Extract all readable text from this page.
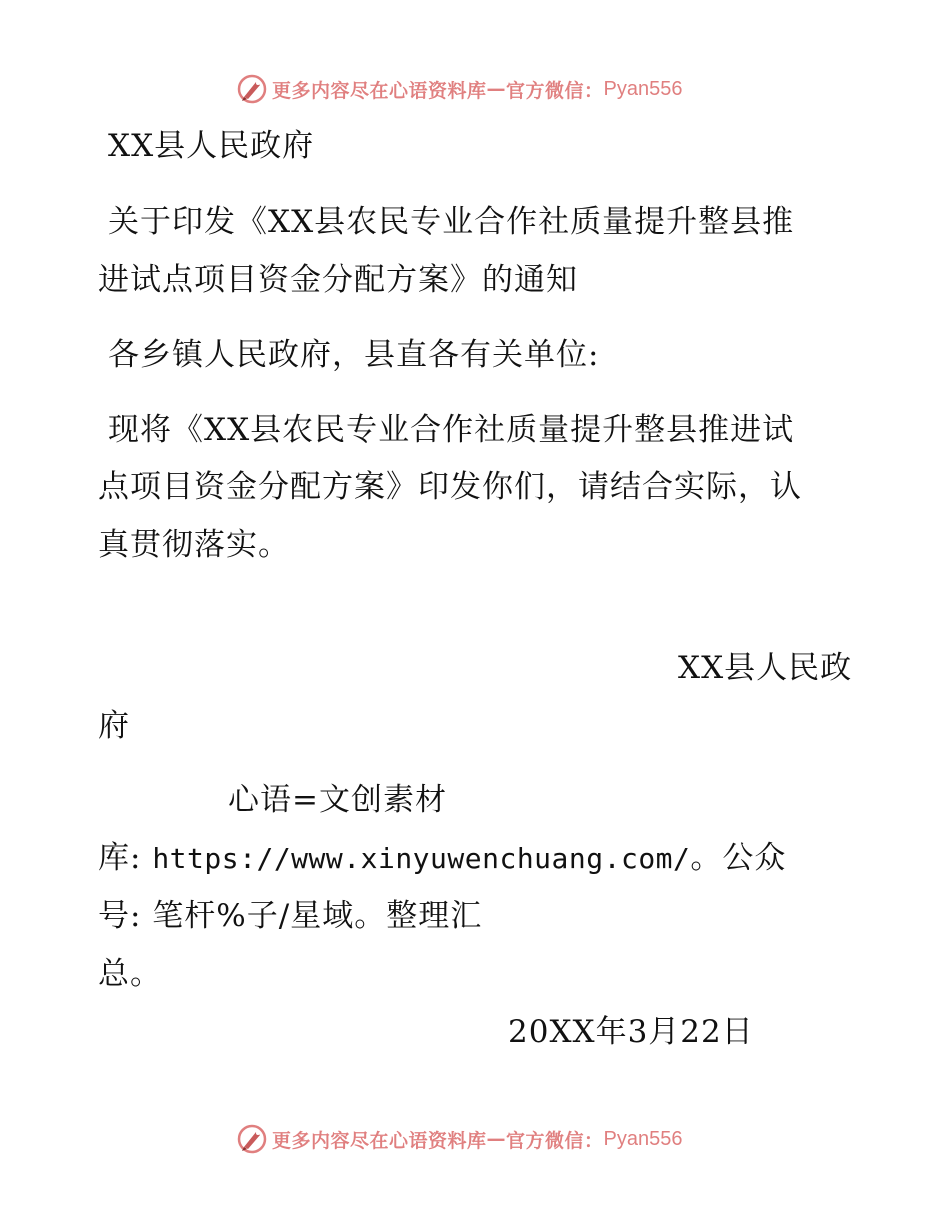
更多内容尽在心语资料库 — 官方微信： Pyan556
XX县人民政府
关于印发《XX县农民专业合作社质量提升整县推
进试点项目资金分配方案》的通知
各乡镇人民政府，县直各有关单位:
现将《XX县农民专业合作社质量提升整县推进试
点项目资金分配方案》印发你们，请结合实际，认
真贯彻落实。
XX县人民政
府
心语=文创素材
库: https://www.xinyuwenchuang.com/。公众
号: 笔杆%子/星域。整理汇
总。
20XX年3月22日
更多内容尽在心语资料库 — 官方微信： Pyan556
